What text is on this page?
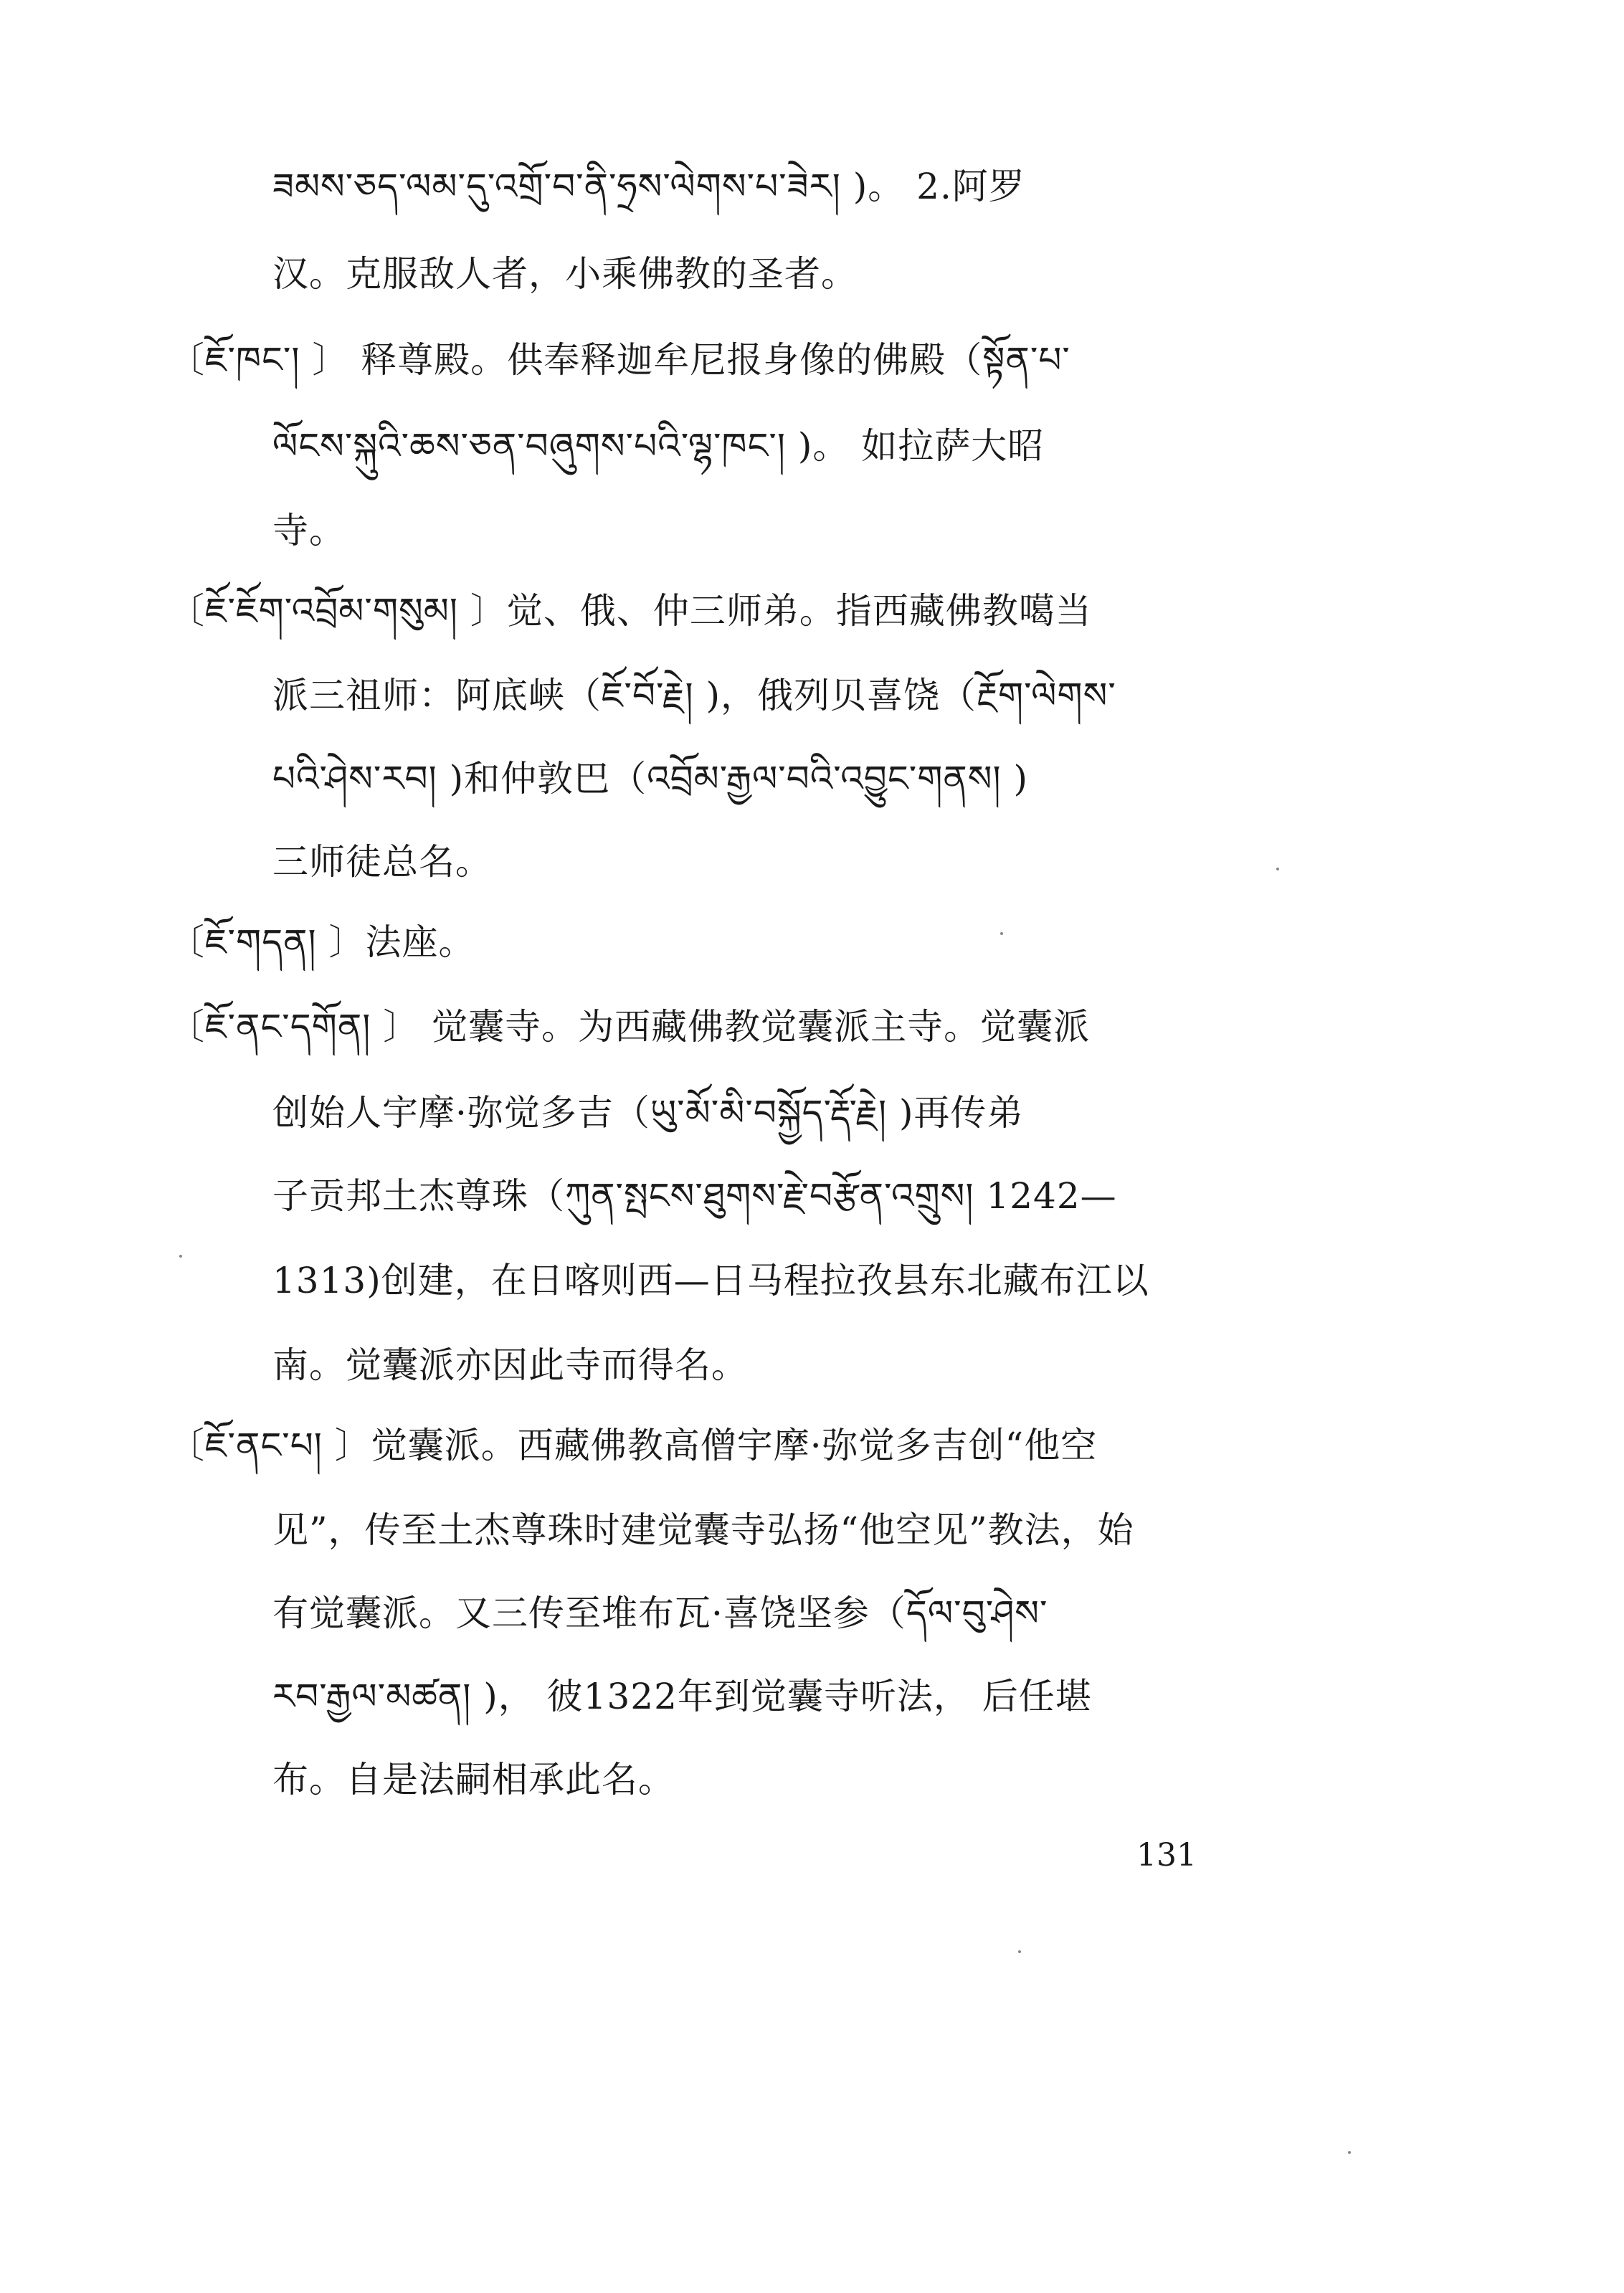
ཟམས་ཅད་ལམ་དུ་འགྲོ་བ་ནི་ཧྲས་ལེགས་པ་ཟེར། )。 2.阿罗
汉。克服敌人者，小乘佛教的圣者。
〔ཇོ་ཁང་། 〕 释尊殿。供奉释迦牟尼报身像的佛殿（སྟོན་པ་
ལོངས་སྐུའི་ཆས་ཅན་བཞུགས་པའི་ལྷ་ཁང་། )。 如拉萨大昭
寺。
〔ཇོ་ཇོག་འབྲོམ་གསུམ། 〕觉、俄、仲三师弟。指西藏佛教噶当
派三祖师：阿底峡（ཇོ་བོ་རྗེ། )，俄列贝喜饶（རྔོག་ལེགས་
པའི་ཤེས་རབ། )和仲敦巴（འབྲོམ་རྒྱལ་བའི་འབྱུང་གནས། )
三师徒总名。
〔ཇོ་གདན། 〕法座。
〔ཇོ་ནང་དགོན། 〕 觉囊寺。为西藏佛教觉囊派主寺。觉囊派
创始人宇摩·弥觉多吉（ཡུ་མོ་མི་བསྐྱོད་རྡོ་རྗེ། )再传弟
子贡邦土杰尊珠（ཀུན་སྤངས་ཐུགས་རྗེ་བརྩོན་འགྲུས། 1242—
1313)创建，在日喀则西—日马程拉孜县东北藏布江以
南。觉囊派亦因此寺而得名。
〔ཇོ་ནང་པ། 〕觉囊派。西藏佛教高僧宇摩·弥觉多吉创“他空
见”，传至土杰尊珠时建觉囊寺弘扬“他空见”教法，始
有觉囊派。又三传至堆布瓦·喜饶坚参（དོལ་བུ་ཤེས་
རབ་རྒྱལ་མཚན། )， 彼1322年到觉囊寺听法， 后任堪
布。自是法嗣相承此名。
131
